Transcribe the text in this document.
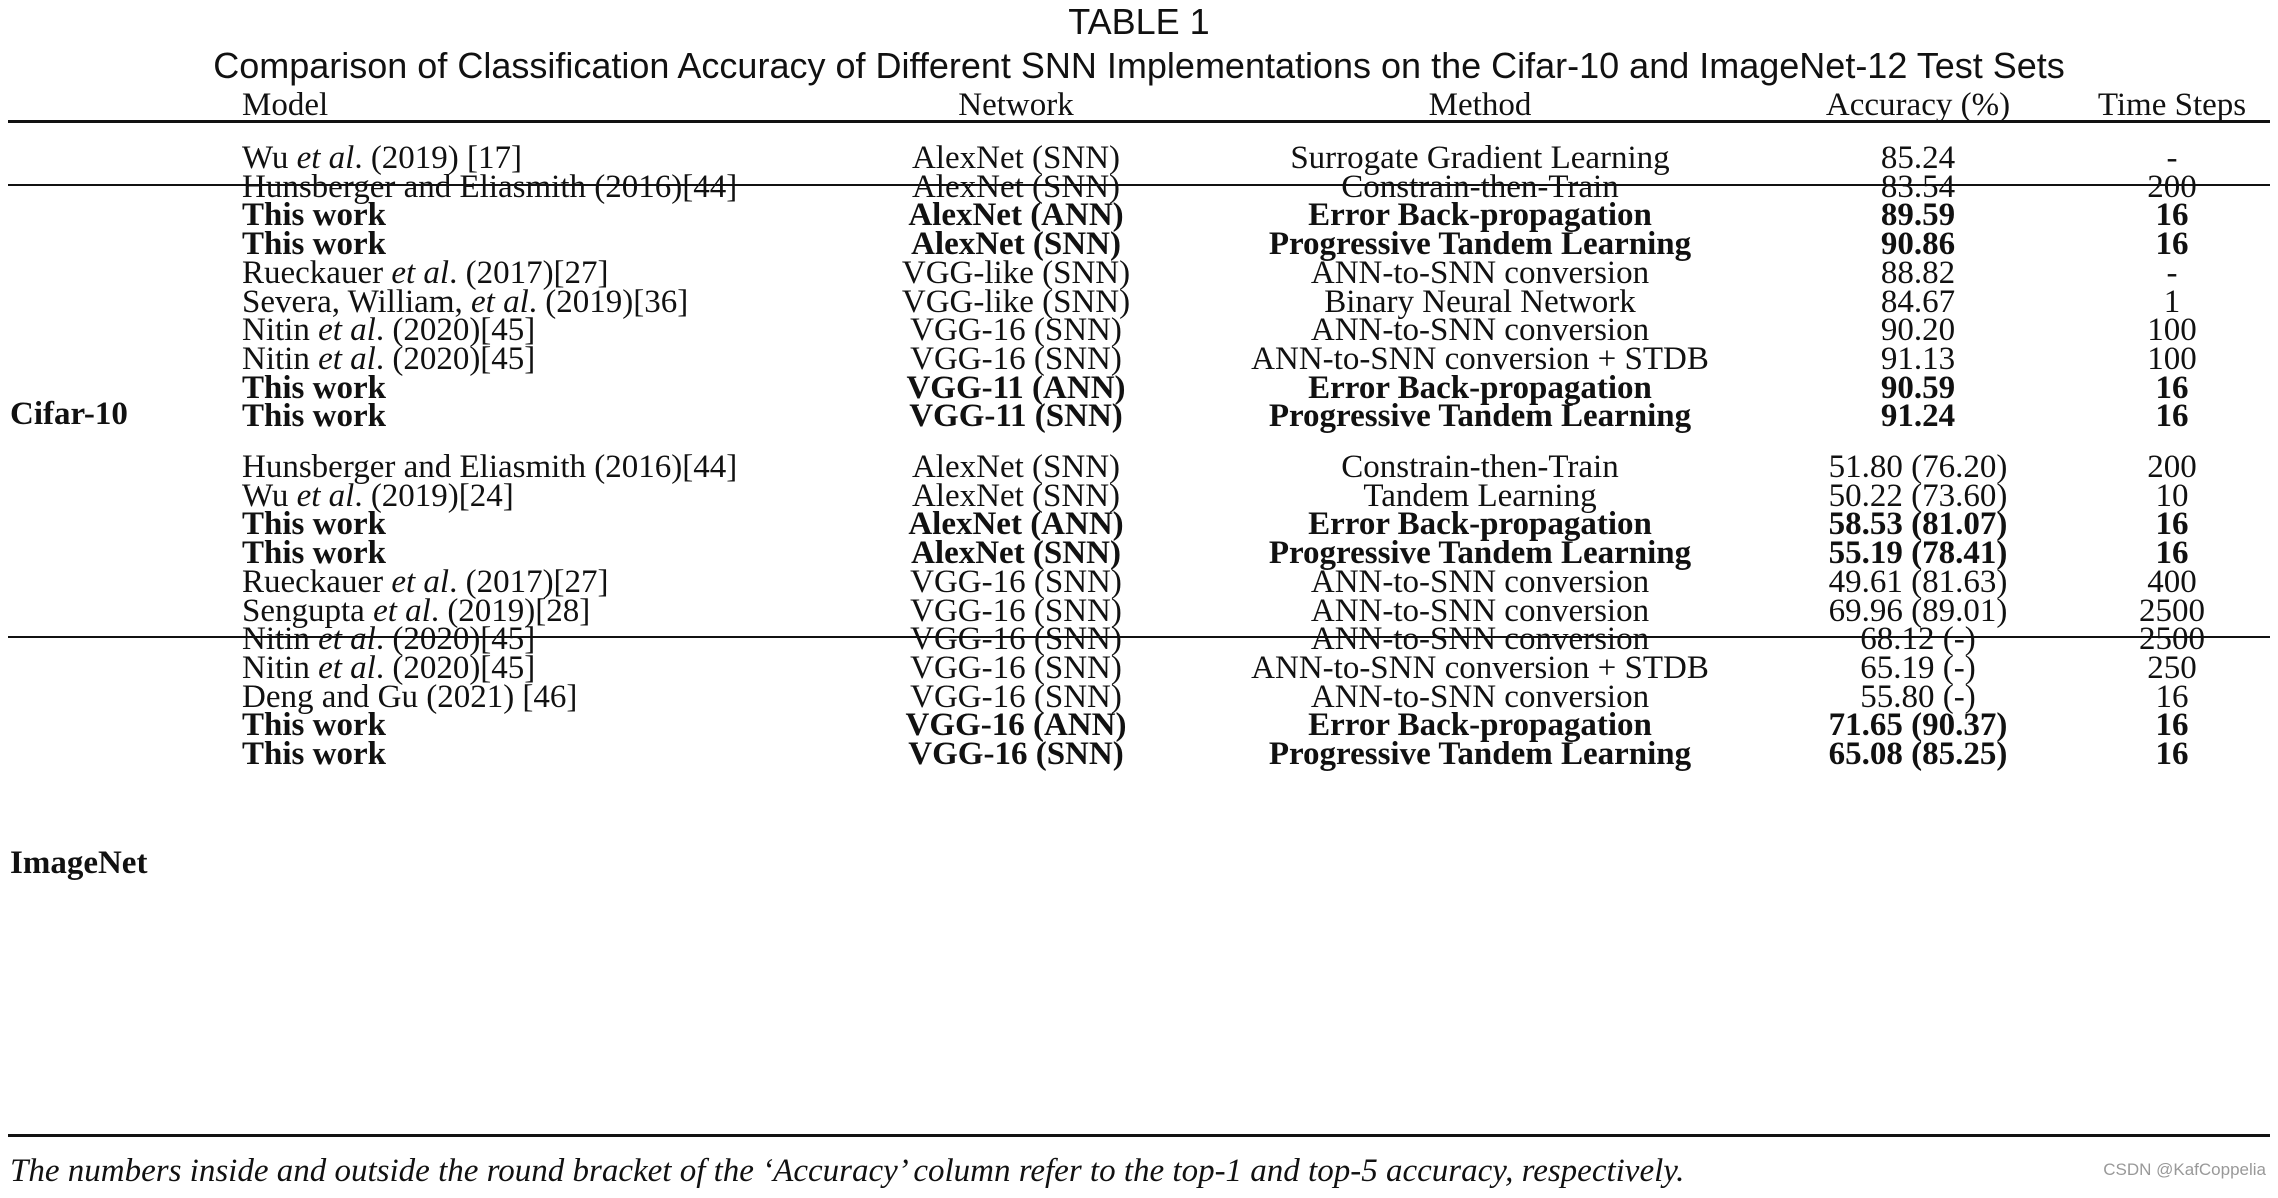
TABLE 1
Comparison of Classification Accuracy of Different SNN Implementations on the Cifar-10 and ImageNet-12 Test Sets
Model	Network	Method	Accuracy (%)	Time Steps
Cifar-10
Wu et al. (2019) [17]	AlexNet (SNN)	Surrogate Gradient Learning	85.24	-
Hunsberger and Eliasmith (2016)[44]	AlexNet (SNN)	Constrain-then-Train	83.54	200
This work	AlexNet (ANN)	Error Back-propagation	89.59	16
This work	AlexNet (SNN)	Progressive Tandem Learning	90.86	16
Rueckauer et al. (2017)[27]	VGG-like (SNN)	ANN-to-SNN conversion	88.82	-
Severa, William, et al. (2019)[36]	VGG-like (SNN)	Binary Neural Network	84.67	1
Nitin et al. (2020)[45]	VGG-16 (SNN)	ANN-to-SNN conversion	90.20	100
Nitin et al. (2020)[45]	VGG-16 (SNN)	ANN-to-SNN conversion + STDB	91.13	100
This work	VGG-11 (ANN)	Error Back-propagation	90.59	16
This work	VGG-11 (SNN)	Progressive Tandem Learning	91.24	16
ImageNet
Hunsberger and Eliasmith (2016)[44]	AlexNet (SNN)	Constrain-then-Train	51.80 (76.20)	200
Wu et al. (2019)[24]	AlexNet (SNN)	Tandem Learning	50.22 (73.60)	10
This work	AlexNet (ANN)	Error Back-propagation	58.53 (81.07)	16
This work	AlexNet (SNN)	Progressive Tandem Learning	55.19 (78.41)	16
Rueckauer et al. (2017)[27]	VGG-16 (SNN)	ANN-to-SNN conversion	49.61 (81.63)	400
Sengupta et al. (2019)[28]	VGG-16 (SNN)	ANN-to-SNN conversion	69.96 (89.01)	2500
Nitin et al. (2020)[45]	VGG-16 (SNN)	ANN-to-SNN conversion	68.12 (-)	2500
Nitin et al. (2020)[45]	VGG-16 (SNN)	ANN-to-SNN conversion + STDB	65.19 (-)	250
Deng and Gu (2021) [46]	VGG-16 (SNN)	ANN-to-SNN conversion	55.80 (-)	16
This work	VGG-16 (ANN)	Error Back-propagation	71.65 (90.37)	16
This work	VGG-16 (SNN)	Progressive Tandem Learning	65.08 (85.25)	16
The numbers inside and outside the round bracket of the ‘Accuracy’ column refer to the top-1 and top-5 accuracy, respectively.	CSDN @KafCoppelia
